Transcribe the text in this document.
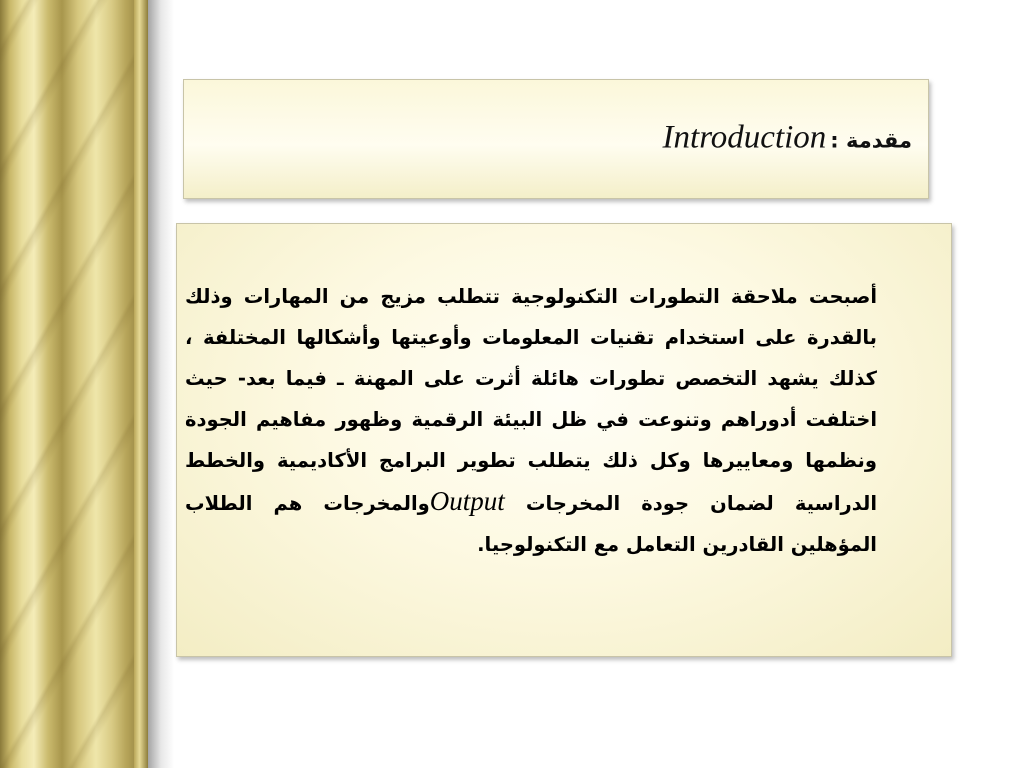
مقدمة : Introduction
أصبحت ملاحقة التطورات التكنولوجية تتطلب مزيج من المهارات وذلك بالقدرة على استخدام تقنيات المعلومات وأوعيتها وأشكالها المختلفة ، كذلك يشهد التخصص تطورات هائلة أثرت على المهنة ـ فيما بعد- حيث اختلفت أدوراهم وتنوعت في ظل البيئة الرقمية وظهور مفاهيم الجودة ونظمها ومعاييرها وكل ذلك يتطلب تطوير البرامج الأكاديمية والخطط الدراسية لضمان جودة المخرجات Outputوالمخرجات هم الطلاب المؤهلين القادرين التعامل مع التكنولوجيا.
